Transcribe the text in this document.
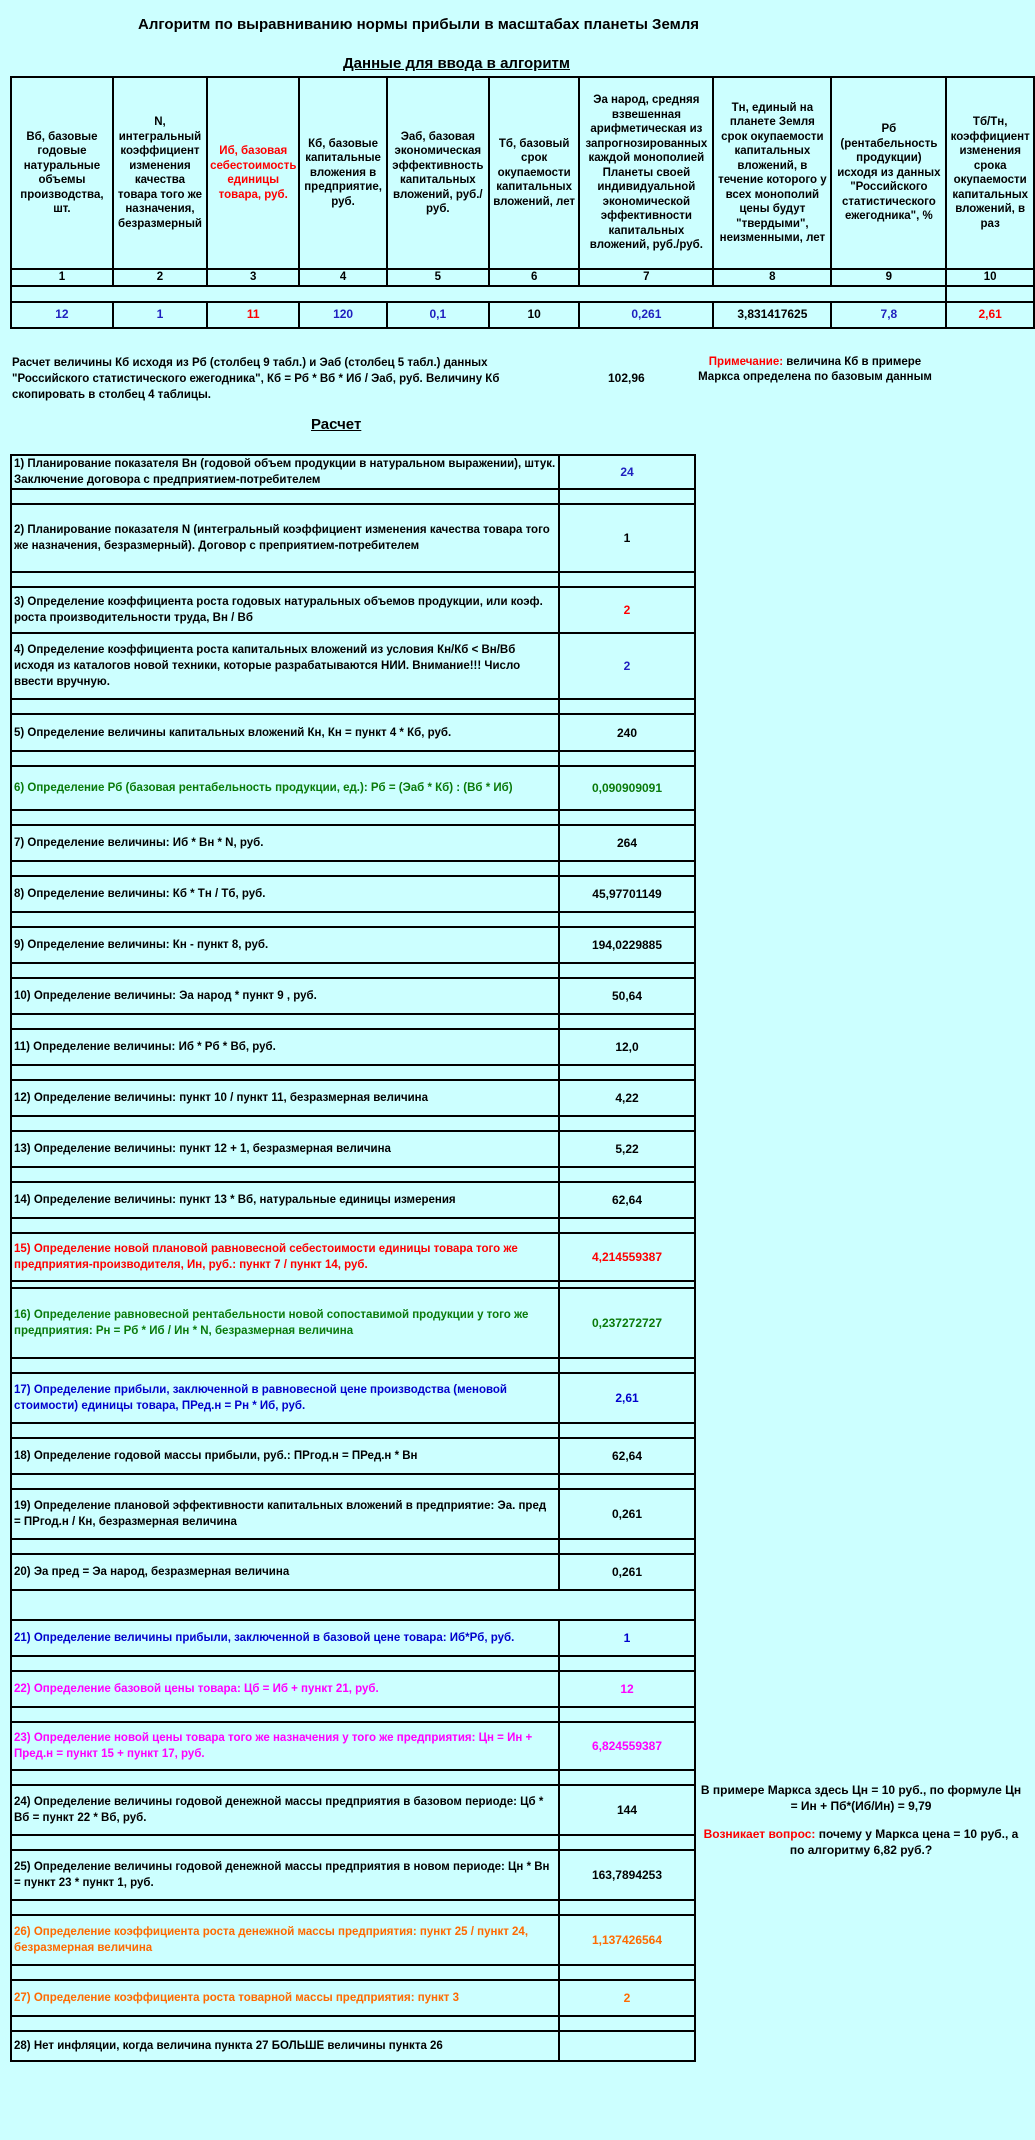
Алгоритм по выравниванию нормы прибыли в масштабах планеты Земля
Данные для ввода в алгоритм
Вб, базовые годовые натуральные объемы производства, шт.	N, интегральный коэффициент изменения качества товара того же назначения, безразмерный	Иб, базовая себестоимость единицы товара, руб.	Кб, базовые капитальные вложения в предприятие, руб.	Эаб, базовая экономическая эффективность капитальных вложений, руб./руб.	Тб, базовый срок окупаемости капитальных вложений, лет	Эа народ, средняя взвешенная арифметическая из запрогнозированных каждой монополией Планеты своей индивидуальной экономической эффективности капитальных вложений, руб./руб.	Тн, единый на планете Земля срок окупаемости капитальных вложений, в течение которого у всех монополий цены будут "твердыми", неизменными, лет	Рб (рентабельность продукции) исходя из данных "Российского статистического ежегодника", %	Тб/Тн, коэффициент изменения срока окупаемости капитальных вложений, в раз
1	2	3	4	5	6	7	8	9	10

12	1	11	120	0,1	10	0,261	3,831417625	7,8	2,61
Расчет величины Кб исходя из Рб (столбец 9 табл.) и Эаб (столбец 5 табл.) данных "Российского статистического ежегодника", Кб = Рб * Вб * Иб / Эаб, руб. Величину Кб скопировать в столбец 4 таблицы.
102,96
Примечание: величина Кб в примере Маркса определена по базовым данным
Расчет
1) Планирование показателя Вн (годовой объем продукции в натуральном выражении), штук. Заключение договора с предприятием-потребителем	24

2) Планирование показателя N (интегральный коэффициент изменения качества товара того же назначения, безразмерный). Договор с преприятием-потребителем	1

3) Определение коэффициента роста годовых натуральных объемов продукции, или коэф. роста производительности труда, Вн / Вб	2
4) Определение коэффициента роста капитальных вложений из условия Кн/Кб < Вн/Вб исходя из каталогов новой техники, которые разрабатываются НИИ. Внимание!!! Число ввести вручную.	2

5) Определение величины капитальных вложений Кн, Кн = пункт 4 * Кб, руб.	240

6) Определение Рб (базовая рентабельность продукции, ед.): Рб = (Эаб * Кб) : (Вб * Иб)	0,090909091

7) Определение величины: Иб * Вн * N, руб.	264

8) Определение величины: Кб * Тн / Тб, руб.	45,97701149

9) Определение величины: Кн - пункт 8, руб.	194,0229885

10) Определение величины: Эа народ * пункт 9 , руб.	50,64

11) Определение величины: Иб * Рб * Вб, руб.	12,0

12) Определение величины: пункт 10 / пункт 11, безразмерная величина	4,22

13) Определение величины: пункт 12 + 1, безразмерная величина	5,22

14) Определение величины: пункт 13 * Вб, натуральные единицы измерения	62,64

15) Определение новой плановой равновесной себестоимости единицы товара того же предприятия-производителя, Ин, руб.: пункт 7 / пункт 14, руб.	4,214559387

16) Определение равновесной рентабельности новой сопоставимой продукции у того же предприятия: Рн = Рб * Иб / Ин * N, безразмерная величина	0,237272727

17) Определение прибыли, заключенной в равновесной цене производства (меновой стоимости) единицы товара, ПРед.н = Рн * Иб, руб.	2,61

18) Определение годовой массы прибыли, руб.: ПРгод.н = ПРед.н * Вн	62,64

19) Определение плановой эффективности капитальных вложений в предприятие: Эа. пред = ПРгод.н / Кн, безразмерная величина	0,261

20) Эа пред = Эа народ, безразмерная величина	0,261

21) Определение величины прибыли, заключенной в базовой цене товара: Иб*Рб, руб.	1

22) Определение базовой цены товара: Цб = Иб + пункт 21, руб.	12

23) Определение новой цены товара того же назначения у того же предприятия: Цн = Ин + Пред.н = пункт 15 + пункт 17, руб.	6,824559387

24) Определение величины годовой денежной массы предприятия в базовом периоде: Цб * Вб = пункт 22 * Вб, руб.	144

25) Определение величины годовой денежной массы предприятия в новом периоде: Цн * Вн = пункт 23 * пункт 1, руб.	163,7894253

26) Определение коэффициента роста денежной массы предприятия: пункт 25 / пункт 24, безразмерная величина	1,137426564

27) Определение коэффициента роста товарной массы предприятия: пункт 3	2

28) Нет инфляции, когда величина пункта 27 БОЛЬШЕ величины пункта 26	
В примере Маркса здесь Цн = 10 руб., по формуле Цн = Ин + Пб*(Иб/Ин) = 9,79
Возникает вопрос: почему у Маркса цена = 10 руб., а по алгоритму 6,82 руб.?
